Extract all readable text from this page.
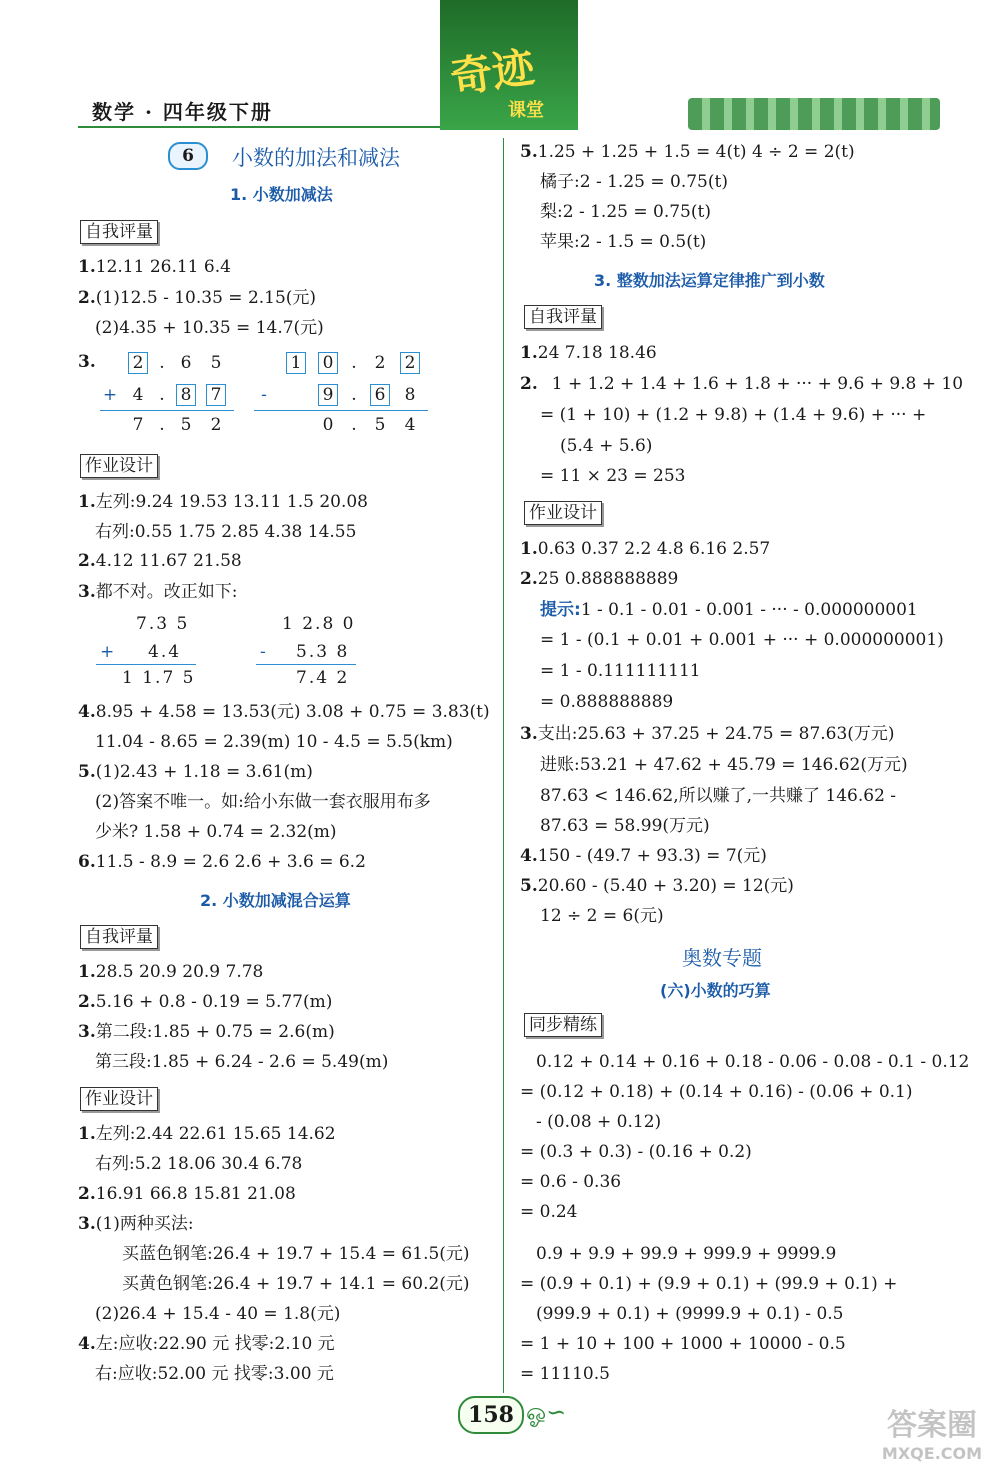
数学 · 四年级下册
奇迹
课堂
6	小数的加法和减法
1. 小数加减法
自我评量
1.12.11 26.11 6.4
2.(1)12.5 - 10.35 = 2.15(元)
(2)4.35 + 10.35 = 14.7(元)
3. 2 . 6 5
+ 4 . 8 7
7 . 5 2
1 0	.	2 2
-	9	.	6 8
0	.	5 4
作业设计
1.左列:9.24 19.53 13.11 1.5 20.08
右列:0.55 1.75 2.85 4.38 14.55
2.4.12 11.67 21.58
3.都不对。改正如下:
7.3 5
+ 4.4
1 1.7 5
1 2.8 0
- 5.3 8
7.4 2
4.8.95 + 4.58 = 13.53(元) 3.08 + 0.75 = 3.83(t)
11.04 - 8.65 = 2.39(m) 10 - 4.5 = 5.5(km)
5.(1)2.43 + 1.18 = 3.61(m)
(2)答案不唯一。如:给小东做一套衣服用布多
少米? 1.58 + 0.74 = 2.32(m)
6.11.5 - 8.9 = 2.6 2.6 + 3.6 = 6.2
2. 小数加减混合运算
自我评量
1.28.5 20.9 20.9 7.78
2.5.16 + 0.8 - 0.19 = 5.77(m)
3.第二段:1.85 + 0.75 = 2.6(m)
第三段:1.85 + 6.24 - 2.6 = 5.49(m)
作业设计
1.左列:2.44 22.61 15.65 14.62
右列:5.2 18.06 30.4 6.78
2.16.91 66.8 15.81 21.08
3.(1)两种买法:
买蓝色钢笔:26.4 + 19.7 + 15.4 = 61.5(元)
买黄色钢笔:26.4 + 19.7 + 14.1 = 60.2(元)
(2)26.4 + 15.4 - 40 = 1.8(元)
4.左:应收:22.90 元 找零:2.10 元
右:应收:52.00 元 找零:3.00 元
5.1.25 + 1.25 + 1.5 = 4(t) 4 ÷ 2 = 2(t)
橘子:2 - 1.25 = 0.75(t)
梨:2 - 1.25 = 0.75(t)
苹果:2 - 1.5 = 0.5(t)
3. 整数加法运算定律推广到小数
自我评量
1.24 7.18 18.46
2. 1 + 1.2 + 1.4 + 1.6 + 1.8 + ··· + 9.6 + 9.8 + 10
= (1 + 10) + (1.2 + 9.8) + (1.4 + 9.6) + ··· +
(5.4 + 5.6)
= 11 × 23 = 253
作业设计
1.0.63 0.37 2.2 4.8 6.16 2.57
2.25 0.888888889
提示:1 - 0.1 - 0.01 - 0.001 - ··· - 0.000000001
= 1 - (0.1 + 0.01 + 0.001 + ··· + 0.000000001)
= 1 - 0.111111111
= 0.888888889
3.支出:25.63 + 37.25 + 24.75 = 87.63(万元)
进账:53.21 + 47.62 + 45.79 = 146.62(万元)
87.63 < 146.62,所以赚了,一共赚了 146.62 -
87.63 = 58.99(万元)
4.150 - (49.7 + 93.3) = 7(元)
5.20.60 - (5.40 + 3.20) = 12(元)
12 ÷ 2 = 6(元)
奥数专题
(六)小数的巧算
同步精练
0.12 + 0.14 + 0.16 + 0.18 - 0.06 - 0.08 - 0.1 - 0.12
= (0.12 + 0.18) + (0.14 + 0.16) - (0.06 + 0.1)
- (0.08 + 0.12)
= (0.3 + 0.3) - (0.16 + 0.2)
= 0.6 - 0.36
= 0.24
0.9 + 9.9 + 99.9 + 999.9 + 9999.9
= (0.9 + 0.1) + (9.9 + 0.1) + (99.9 + 0.1) +
(999.9 + 0.1) + (9999.9 + 0.1) - 0.5
= 1 + 10 + 100 + 1000 + 10000 - 0.5
= 11110.5
158 ஓ∽	答案圈
MXQE.COM
